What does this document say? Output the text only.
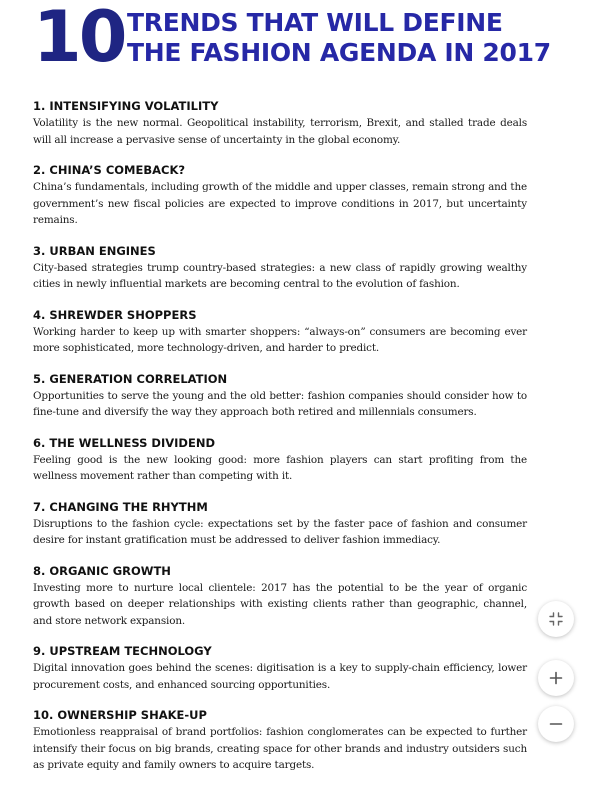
10 TRENDS THAT WILL DEFINE
THE FASHION AGENDA IN 2017
1. INTENSIFYING VOLATILITY

Volatility is the new normal. Geopolitical instability, terrorism, Brexit, and stalled trade deals will all increase a pervasive sense of uncertainty in the global economy.

2. CHINA’S COMEBACK?

China’s fundamentals, including growth of the middle and upper classes, remain strong and the government’s new fiscal policies are expected to improve conditions in 2017, but uncertainty remains.

3. URBAN ENGINES

City-based strategies trump country-based strategies: a new class of rapidly growing wealthy cities in newly influential markets are becoming central to the evolution of fashion.

4. SHREWDER SHOPPERS

Working harder to keep up with smarter shoppers: “always-on” consumers are becoming ever more sophisticated, more technology-driven, and harder to predict.

5. GENERATION CORRELATION

Opportunities to serve the young and the old better: fashion companies should consider how to fine-tune and diversify the way they approach both retired and millennials consumers.

6. THE WELLNESS DIVIDEND

Feeling good is the new looking good: more fashion players can start profiting from the wellness movement rather than competing with it.

7. CHANGING THE RHYTHM

Disruptions to the fashion cycle: expectations set by the faster pace of fashion and consumer desire for instant gratification must be addressed to deliver fashion immediacy.

8. ORGANIC GROWTH

Investing more to nurture local clientele: 2017 has the potential to be the year of organic growth based on deeper relationships with existing clients rather than geographic, channel, and store network expansion.

9. UPSTREAM TECHNOLOGY

Digital innovation goes behind the scenes: digitisation is a key to supply-chain efficiency, lower procurement costs, and enhanced sourcing opportunities.

10. OWNERSHIP SHAKE-UP

Emotionless reappraisal of brand portfolios: fashion conglomerates can be expected to further intensify their focus on big brands, creating space for other brands and industry outsiders such as private equity and family owners to acquire targets.
